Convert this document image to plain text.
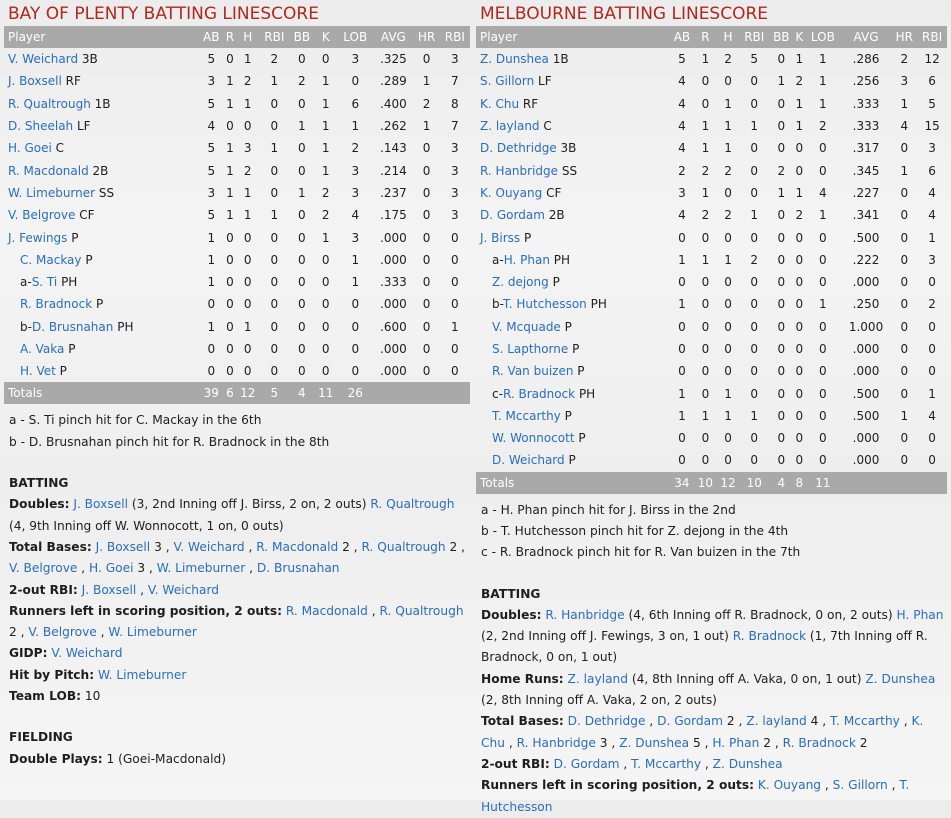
BAY OF PLENTY BATTING LINESCORE
Player	AB	R	H	RBI	BB	K	LOB	AVG	HR	RBI
V. Weichard 3B	5	0	1	2	0	0	3	.325	0	3
J. Boxsell RF	3	1	2	1	2	1	0	.289	1	7
R. Qualtrough 1B	5	1	1	0	0	1	6	.400	2	8
D. Sheelah LF	4	0	0	0	1	1	1	.262	1	7
H. Goei C	5	1	3	1	0	1	2	.143	0	3
R. Macdonald 2B	5	1	2	0	0	1	3	.214	0	3
W. Limeburner SS	3	1	1	0	1	2	3	.237	0	3
V. Belgrove CF	5	1	1	1	0	2	4	.175	0	3
J. Fewings P	1	0	0	0	0	1	3	.000	0	0
C. Mackay P	1	0	0	0	0	0	1	.000	0	0
a-S. Ti PH	1	0	0	0	0	0	1	.333	0	0
R. Bradnock P	0	0	0	0	0	0	0	.000	0	0
b-D. Brusnahan PH	1	0	1	0	0	0	0	.600	0	1
A. Vaka P	0	0	0	0	0	0	0	.000	0	0
H. Vet P	0	0	0	0	0	0	0	.000	0	0
Totals	39	6	12	5	4	11	26			
a - S. Ti pinch hit for C. Mackay in the 6th
b - D. Brusnahan pinch hit for R. Bradnock in the 8th
BATTING
Doubles: J. Boxsell (3, 2nd Inning off J. Birss, 2 on, 2 outs) R. Qualtrough (4, 9th Inning off W. Wonnocott, 1 on, 0 outs)
Total Bases: J. Boxsell 3 , V. Weichard , R. Macdonald 2 , R. Qualtrough 2 , V. Belgrove , H. Goei 3 , W. Limeburner , D. Brusnahan
2-out RBI: J. Boxsell , V. Weichard
Runners left in scoring position, 2 outs: R. Macdonald , R. Qualtrough 2 , V. Belgrove , W. Limeburner
GIDP: V. Weichard
Hit by Pitch: W. Limeburner
Team LOB: 10
FIELDING
Double Plays: 1 (Goei-Macdonald)
MELBOURNE BATTING LINESCORE
Player	AB	R	H	RBI	BB	K	LOB	AVG	HR	RBI
Z. Dunshea 1B	5	1	2	5	0	1	1	.286	2	12
S. Gillorn LF	4	0	0	0	1	2	1	.256	3	6
K. Chu RF	4	0	1	0	0	1	1	.333	1	5
Z. layland C	4	1	1	1	0	1	2	.333	4	15
D. Dethridge 3B	4	1	1	0	0	0	0	.317	0	3
R. Hanbridge SS	2	2	2	0	2	0	0	.345	1	6
K. Ouyang CF	3	1	0	0	1	1	4	.227	0	4
D. Gordam 2B	4	2	2	1	0	2	1	.341	0	4
J. Birss P	0	0	0	0	0	0	0	.500	0	1
a-H. Phan PH	1	1	1	2	0	0	0	.222	0	3
Z. dejong P	0	0	0	0	0	0	0	.000	0	0
b-T. Hutchesson PH	1	0	0	0	0	0	1	.250	0	2
V. Mcquade P	0	0	0	0	0	0	0	1.000	0	0
S. Lapthorne P	0	0	0	0	0	0	0	.000	0	0
R. Van buizen P	0	0	0	0	0	0	0	.000	0	0
c-R. Bradnock PH	1	0	1	0	0	0	0	.500	0	1
T. Mccarthy P	1	1	1	1	0	0	0	.500	1	4
W. Wonnocott P	0	0	0	0	0	0	0	.000	0	0
D. Weichard P	0	0	0	0	0	0	0	.000	0	0
Totals	34	10	12	10	4	8	11			
a - H. Phan pinch hit for J. Birss in the 2nd
b - T. Hutchesson pinch hit for Z. dejong in the 4th
c - R. Bradnock pinch hit for R. Van buizen in the 7th
BATTING
Doubles: R. Hanbridge (4, 6th Inning off R. Bradnock, 0 on, 2 outs) H. Phan (2, 2nd Inning off J. Fewings, 3 on, 1 out) R. Bradnock (1, 7th Inning off R. Bradnock, 0 on, 1 out)
Home Runs: Z. layland (4, 8th Inning off A. Vaka, 0 on, 1 out) Z. Dunshea (2, 8th Inning off A. Vaka, 2 on, 2 outs)
Total Bases: D. Dethridge , D. Gordam 2 , Z. layland 4 , T. Mccarthy , K. Chu , R. Hanbridge 3 , Z. Dunshea 5 , H. Phan 2 , R. Bradnock 2
2-out RBI: D. Gordam , T. Mccarthy , Z. Dunshea
Runners left in scoring position, 2 outs: K. Ouyang , S. Gillorn , T. Hutchesson
